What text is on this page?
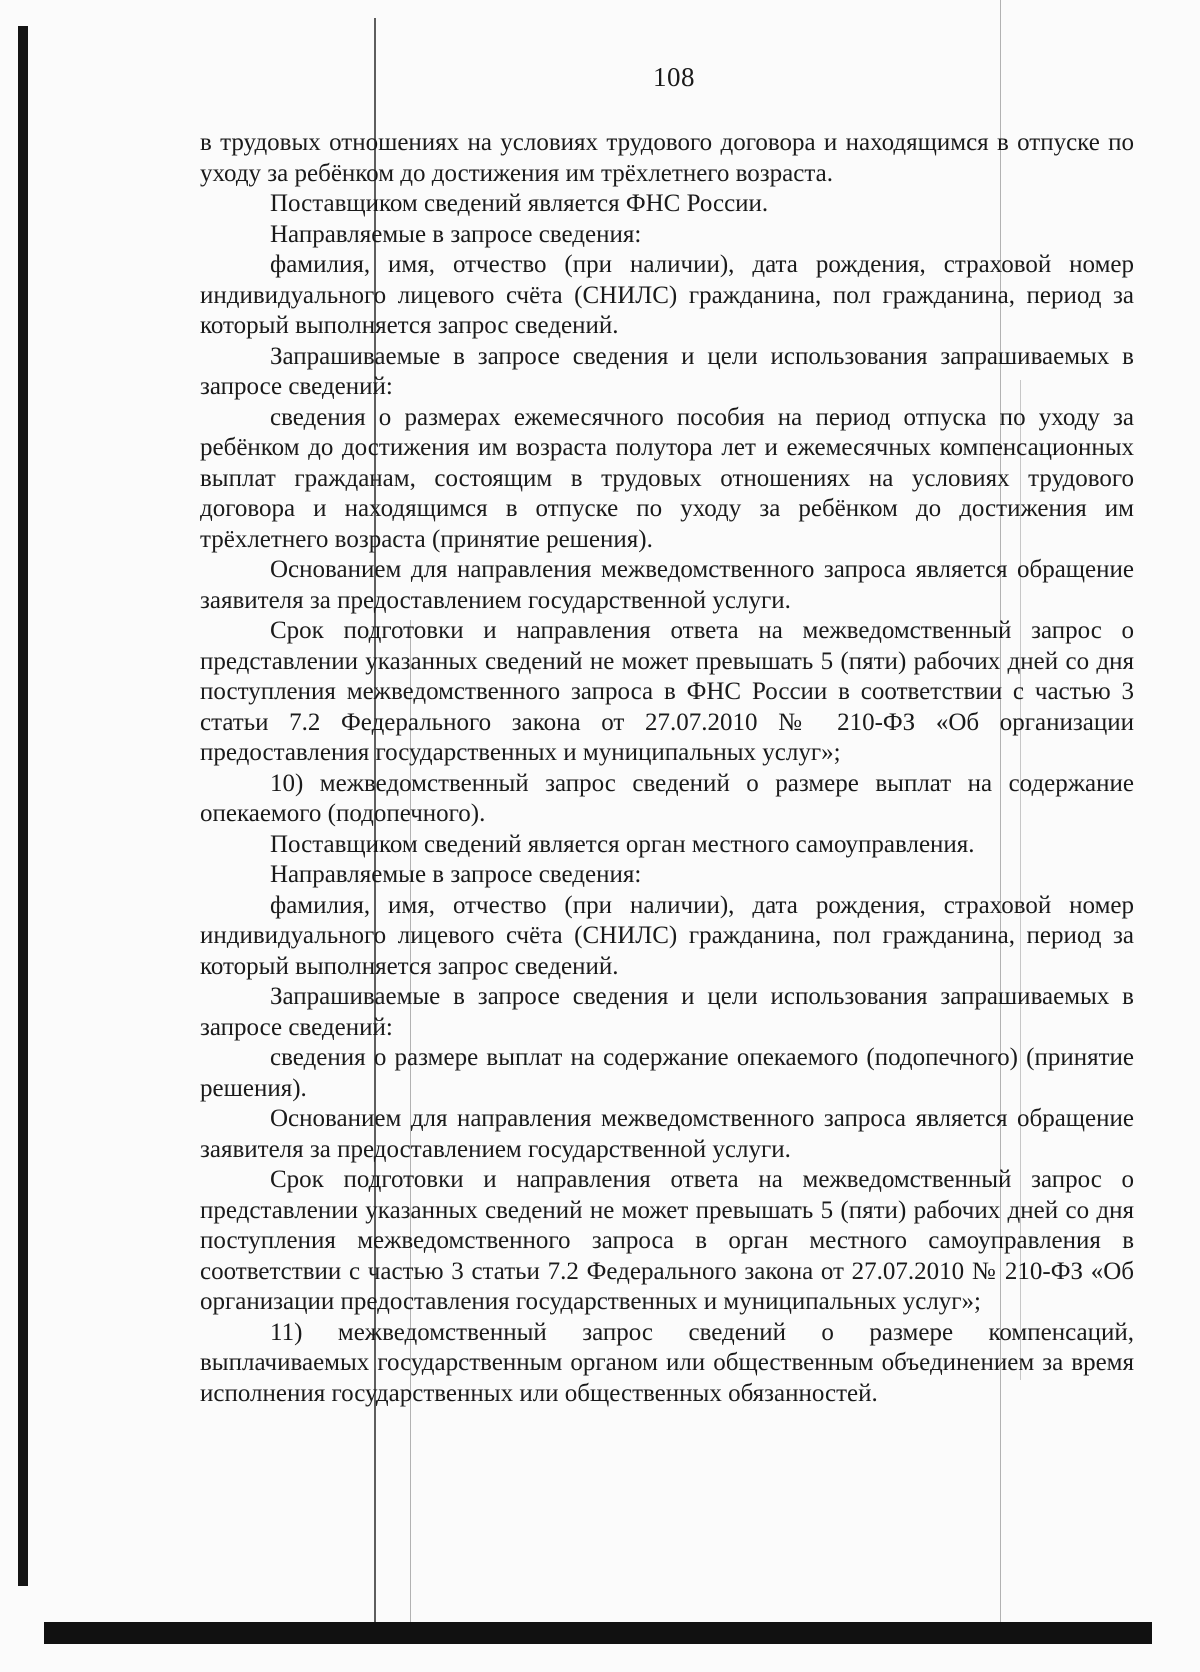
108

в трудовых отношениях на условиях трудового договора и находящимся в отпуске по уходу за ребёнком до достижения им трёхлетнего возраста.

Поставщиком сведений является ФНС России.

Направляемые в запросе сведения:

фамилия, имя, отчество (при наличии), дата рождения, страховой номер индивидуального лицевого счёта (СНИЛС) гражданина, пол гражданина, период за который выполняется запрос сведений.

Запрашиваемые в запросе сведения и цели использования запрашиваемых в запросе сведений:

сведения о размерах ежемесячного пособия на период отпуска по уходу за ребёнком до достижения им возраста полутора лет и ежемесячных компенсационных выплат гражданам, состоящим в трудовых отношениях на условиях трудового договора и находящимся в отпуске по уходу за ребёнком до достижения им трёхлетнего возраста (принятие решения).

Основанием для направления межведомственного запроса является обращение заявителя за предоставлением государственной услуги.

Срок подготовки и направления ответа на межведомственный запрос о представлении указанных сведений не может превышать 5 (пяти) рабочих дней со дня поступления межведомственного запроса в ФНС России в соответствии с частью 3 статьи 7.2 Федерального закона от 27.07.2010 № 210-ФЗ «Об организации предоставления государственных и муниципальных услуг»;

10) межведомственный запрос сведений о размере выплат на содержание опекаемого (подопечного).

Поставщиком сведений является орган местного самоуправления.

Направляемые в запросе сведения:

фамилия, имя, отчество (при наличии), дата рождения, страховой номер индивидуального лицевого счёта (СНИЛС) гражданина, пол гражданина, период за который выполняется запрос сведений.

Запрашиваемые в запросе сведения и цели использования запрашиваемых в запросе сведений:

сведения о размере выплат на содержание опекаемого (подопечного) (принятие решения).

Основанием для направления межведомственного запроса является обращение заявителя за предоставлением государственной услуги.

Срок подготовки и направления ответа на межведомственный запрос о представлении указанных сведений не может превышать 5 (пяти) рабочих дней со дня поступления межведомственного запроса в орган местного самоуправления в соответствии с частью 3 статьи 7.2 Федерального закона от 27.07.2010 № 210-ФЗ «Об организации предоставления государственных и муниципальных услуг»;

11) межведомственный запрос сведений о размере компенсаций, выплачиваемых государственным органом или общественным объединением за время исполнения государственных или общественных обязанностей.
